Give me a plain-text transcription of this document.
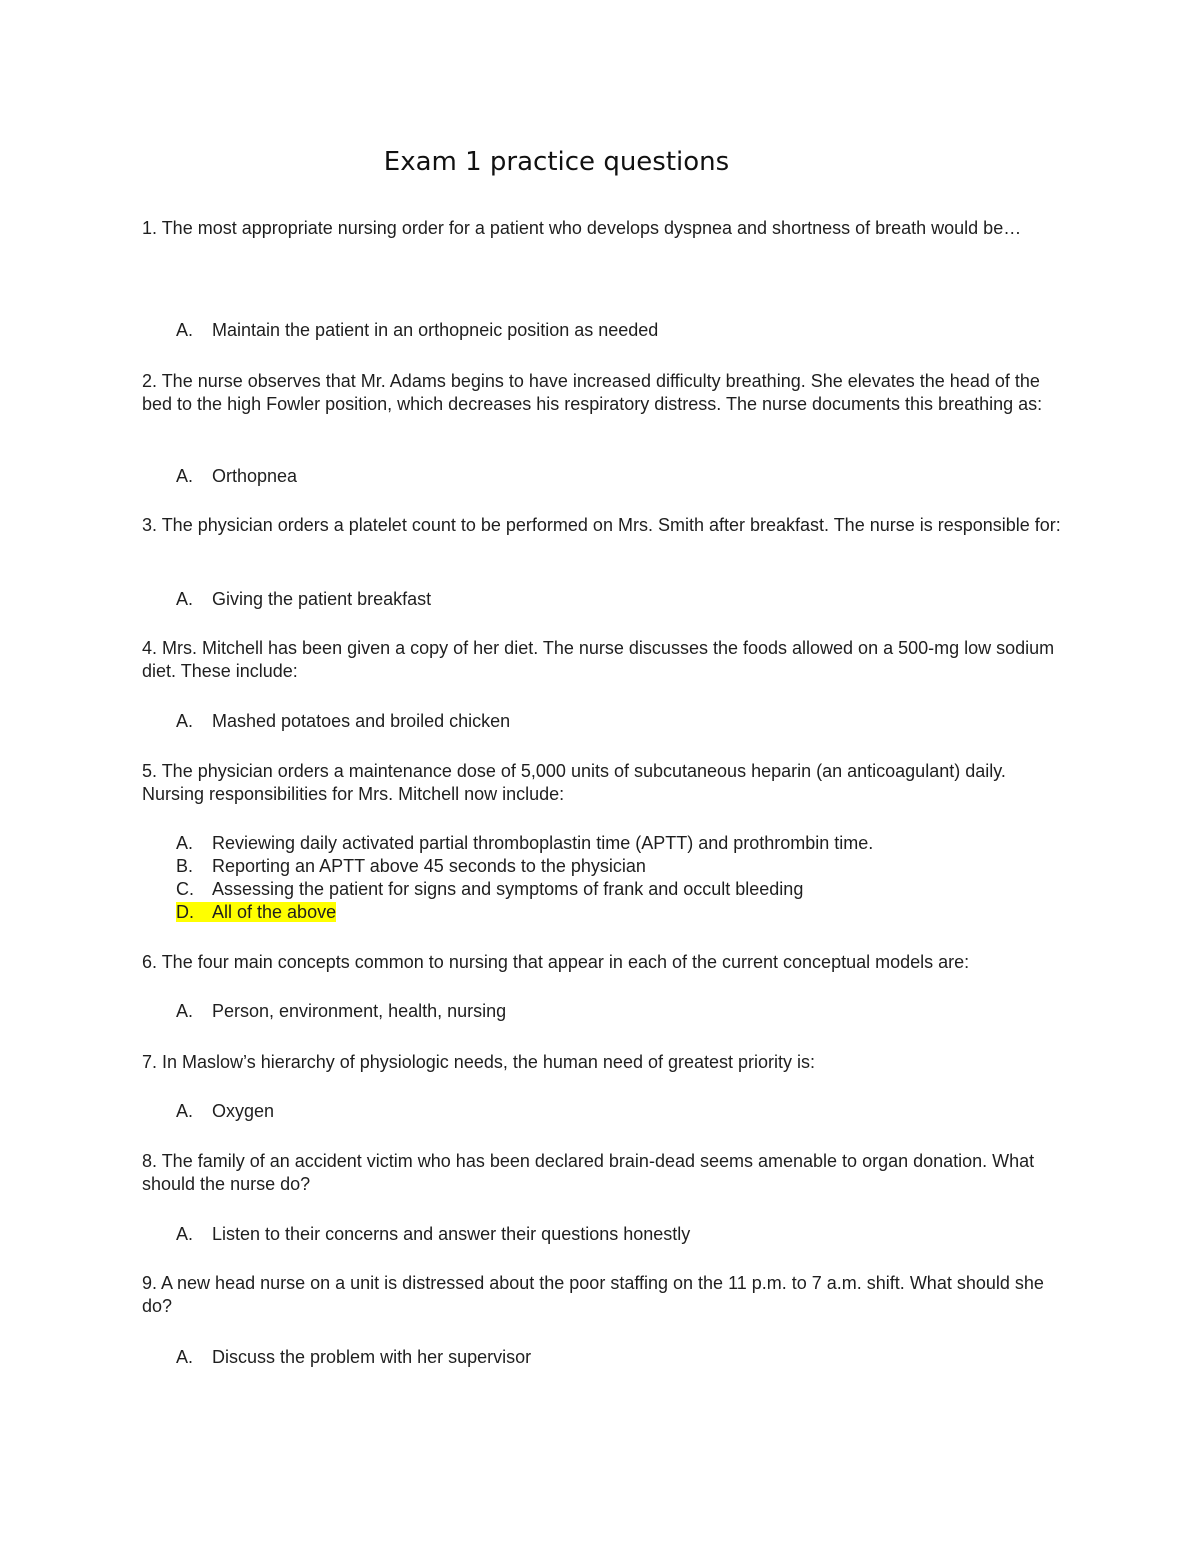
Exam 1 practice questions

1. The most appropriate nursing order for a patient who develops dyspnea and shortness of breath would be…

A. Maintain the patient in an orthopneic position as needed

2. The nurse observes that Mr. Adams begins to have increased difficulty breathing. She elevates the head of the bed to the high Fowler position, which decreases his respiratory distress. The nurse documents this breathing as:

A. Orthopnea

3. The physician orders a platelet count to be performed on Mrs. Smith after breakfast. The nurse is responsible for:

A. Giving the patient breakfast

4. Mrs. Mitchell has been given a copy of her diet. The nurse discusses the foods allowed on a 500-mg low sodium diet. These include:

A. Mashed potatoes and broiled chicken

5. The physician orders a maintenance dose of 5,000 units of subcutaneous heparin (an anticoagulant) daily. Nursing responsibilities for Mrs. Mitchell now include:

A. Reviewing daily activated partial thromboplastin time (APTT) and prothrombin time.
B. Reporting an APTT above 45 seconds to the physician
C. Assessing the patient for signs and symptoms of frank and occult bleeding
D. All of the above

6. The four main concepts common to nursing that appear in each of the current conceptual models are:

A. Person, environment, health, nursing

7. In Maslow’s hierarchy of physiologic needs, the human need of greatest priority is:

A. Oxygen

8. The family of an accident victim who has been declared brain-dead seems amenable to organ donation. What should the nurse do?

A. Listen to their concerns and answer their questions honestly

9. A new head nurse on a unit is distressed about the poor staffing on the 11 p.m. to 7 a.m. shift. What should she do?

A. Discuss the problem with her supervisor
